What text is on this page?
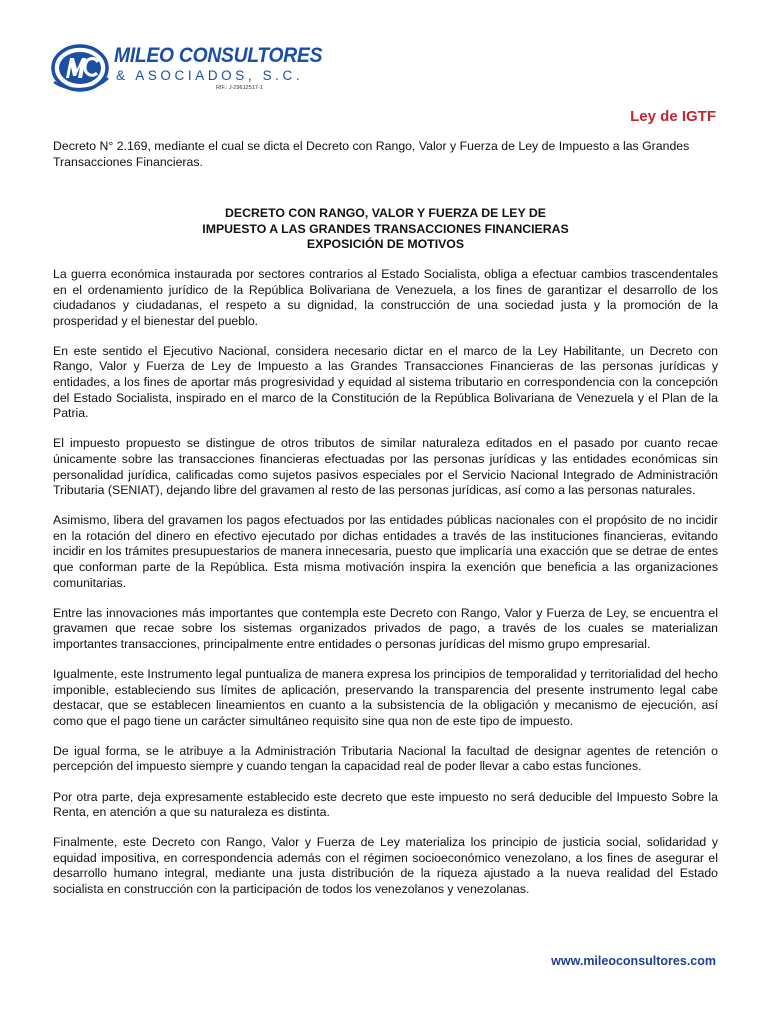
MILEO CONSULTORES
& ASOCIADOS, S.C.
RIF.: J-29612517-1
Ley de IGTF

Decreto N° 2.169, mediante el cual se dicta el Decreto con Rango, Valor y Fuerza de Ley de Impuesto a las Grandes Transacciones Financieras.

DECRETO CON RANGO, VALOR Y FUERZA DE LEY DE
IMPUESTO A LAS GRANDES TRANSACCIONES FINANCIERAS
EXPOSICIÓN DE MOTIVOS

La guerra económica instaurada por sectores contrarios al Estado Socialista, obliga a efectuar cambios trascendentales en el ordenamiento jurídico de la República Bolivariana de Venezuela, a los fines de garantizar el desarrollo de los ciudadanos y ciudadanas, el respeto a su dignidad, la construcción de una sociedad justa y la promoción de la prosperidad y el bienestar del pueblo.

En este sentido el Ejecutivo Nacional, considera necesario dictar en el marco de la Ley Habilitante, un Decreto con Rango, Valor y Fuerza de Ley de Impuesto a las Grandes Transacciones Financieras de las personas jurídicas y entidades, a los fines de aportar más progresividad y equidad al sistema tributario en correspondencia con la concepción del Estado Socialista, inspirado en el marco de la Constitución de la República Bolivariana de Venezuela y el Plan de la Patria.

El impuesto propuesto se distingue de otros tributos de similar naturaleza editados en el pasado por cuanto recae únicamente sobre las transacciones financieras efectuadas por las personas jurídicas y las entidades económicas sin personalidad jurídica, calificadas como sujetos pasivos especiales por el Servicio Nacional Integrado de Administración Tributaria (SENIAT), dejando libre del gravamen al resto de las personas jurídicas, así como a las personas naturales.

Asimismo, libera del gravamen los pagos efectuados por las entidades públicas nacionales con el propósito de no incidir en la rotación del dinero en efectivo ejecutado por dichas entidades a través de las instituciones financieras, evitando incidir en los trámites presupuestarios de manera innecesaria, puesto que implicaría una exacción que se detrae de entes que conforman parte de la República. Esta misma motivación inspira la exención que beneficia a las organizaciones comunitarias.

Entre las innovaciones más importantes que contempla este Decreto con Rango, Valor y Fuerza de Ley, se encuentra el gravamen que recae sobre los sistemas organizados privados de pago, a través de los cuales se materializan importantes transacciones, principalmente entre entidades o personas jurídicas del mismo grupo empresarial.

Igualmente, este Instrumento legal puntualiza de manera expresa los principios de temporalidad y territorialidad del hecho imponible, estableciendo sus límites de aplicación, preservando la transparencia del presente instrumento legal cabe destacar, que se establecen lineamientos en cuanto a la subsistencia de la obligación y mecanismo de ejecución, así como que el pago tiene un carácter simultáneo requisito sine qua non de este tipo de impuesto.

De igual forma, se le atribuye a la Administración Tributaria Nacional la facultad de designar agentes de retención o percepción del impuesto siempre y cuando tengan la capacidad real de poder llevar a cabo estas funciones.

Por otra parte, deja expresamente establecido este decreto que este impuesto no será deducible del Impuesto Sobre la Renta, en atención a que su naturaleza es distinta.

Finalmente, este Decreto con Rango, Valor y Fuerza de Ley materializa los principio de justicia social, solidaridad y equidad impositiva, en correspondencia además con el régimen socioeconómico venezolano, a los fines de asegurar el desarrollo humano integral, mediante una justa distribución de la riqueza ajustado a la nueva realidad del Estado socialista en construcción con la participación de todos los venezolanos y venezolanas.

www.mileoconsultores.com
